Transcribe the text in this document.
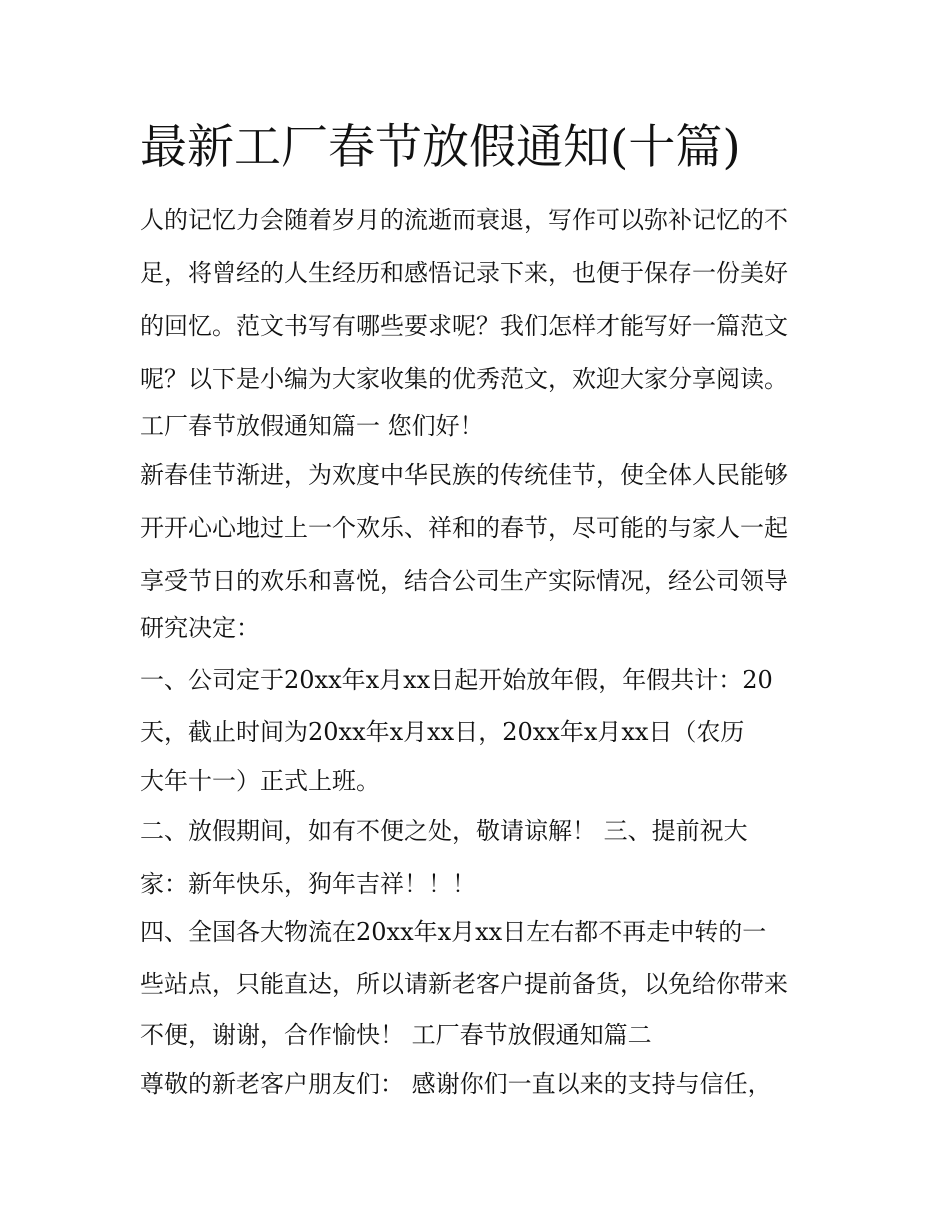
最新工厂春节放假通知(十篇)

人的记忆力会随着岁月的流逝而衰退，写作可以弥补记忆的不

足，将曾经的人生经历和感悟记录下来，也便于保存一份美好

的回忆。范文书写有哪些要求呢？我们怎样才能写好一篇范文

呢？以下是小编为大家收集的优秀范文，欢迎大家分享阅读。

工厂春节放假通知篇一 您们好！

新春佳节渐进，为欢度中华民族的传统佳节，使全体人民能够

开开心心地过上一个欢乐、祥和的春节，尽可能的与家人一起

享受节日的欢乐和喜悦，结合公司生产实际情况，经公司领导

研究决定：

一、公司定于20xx年x月xx日起开始放年假，年假共计：20

天，截止时间为20xx年x月xx日，20xx年x月xx日（农历

大年十一）正式上班。

二、放假期间，如有不便之处，敬请谅解！ 三、提前祝大

家：新年快乐，狗年吉祥！！！

四、全国各大物流在20xx年x月xx日左右都不再走中转的一

些站点，只能直达，所以请新老客户提前备货，以免给你带来

不便，谢谢，合作愉快！ 工厂春节放假通知篇二

尊敬的新老客户朋友们： 感谢你们一直以来的支持与信任，
